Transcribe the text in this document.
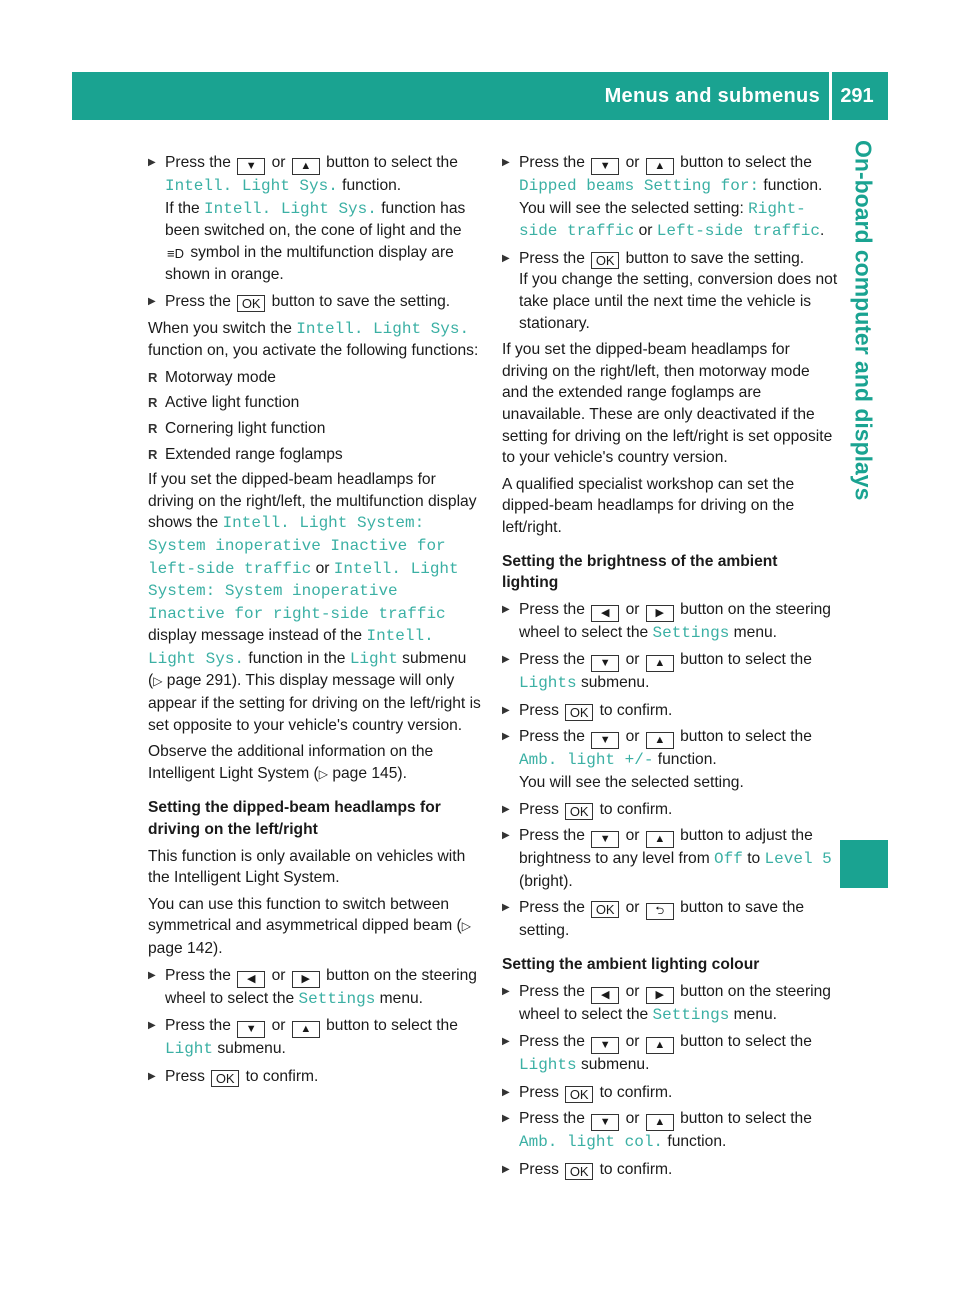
Menus and submenus	291
On-board computer and displays
▶ Press the ▼ or ▲ button to select the Intell. Light Sys. function.
If the Intell. Light Sys. function has been switched on, the cone of light and the ≡D symbol in the multifunction display are shown in orange.
▶ Press the OK button to save the setting.

When you switch the Intell. Light Sys. function on, you activate the following functions:

R Motorway mode
R Active light function
R Cornering light function
R Extended range foglamps

If you set the dipped-beam headlamps for driving on the right/left, the multifunction display shows the Intell. Light System: System inoperative Inactive for left-side traffic or Intell. Light System: System inoperative Inactive for right-side traffic display message instead of the Intell. Light Sys. function in the Light submenu (▷ page 291). This display message will only appear if the setting for driving on the left/right is set opposite to your vehicle's country version.

Observe the additional information on the Intelligent Light System (▷ page 145).

Setting the dipped-beam headlamps for driving on the left/right

This function is only available on vehicles with the Intelligent Light System.

You can use this function to switch between symmetrical and asymmetrical dipped beam (▷ page 142).

▶ Press the ◀ or ▶ button on the steering wheel to select the Settings menu.
▶ Press the ▼ or ▲ button to select the Light submenu.
▶ Press OK to confirm.
▶ Press the ▼ or ▲ button to select the Dipped beams Setting for: function.
You will see the selected setting: Right-side traffic or Left-side traffic.
▶ Press the OK button to save the setting.
If you change the setting, conversion does not take place until the next time the vehicle is stationary.

If you set the dipped-beam headlamps for driving on the right/left, then motorway mode and the extended range foglamps are unavailable. These are only deactivated if the setting for driving on the left/right is set opposite to your vehicle's country version.

A qualified specialist workshop can set the dipped-beam headlamps for driving on the left/right.

Setting the brightness of the ambient lighting

▶ Press the ◀ or ▶ button on the steering wheel to select the Settings menu.
▶ Press the ▼ or ▲ button to select the Lights submenu.
▶ Press OK to confirm.
▶ Press the ▼ or ▲ button to select the Amb. light +/- function.
You will see the selected setting.
▶ Press OK to confirm.
▶ Press the ▼ or ▲ button to adjust the brightness to any level from Off to Level 5 (bright).
▶ Press the OK or ⮌ button to save the setting.

Setting the ambient lighting colour

▶ Press the ◀ or ▶ button on the steering wheel to select the Settings menu.
▶ Press the ▼ or ▲ button to select the Lights submenu.
▶ Press OK to confirm.
▶ Press the ▼ or ▲ button to select the Amb. light col. function.
▶ Press OK to confirm.
